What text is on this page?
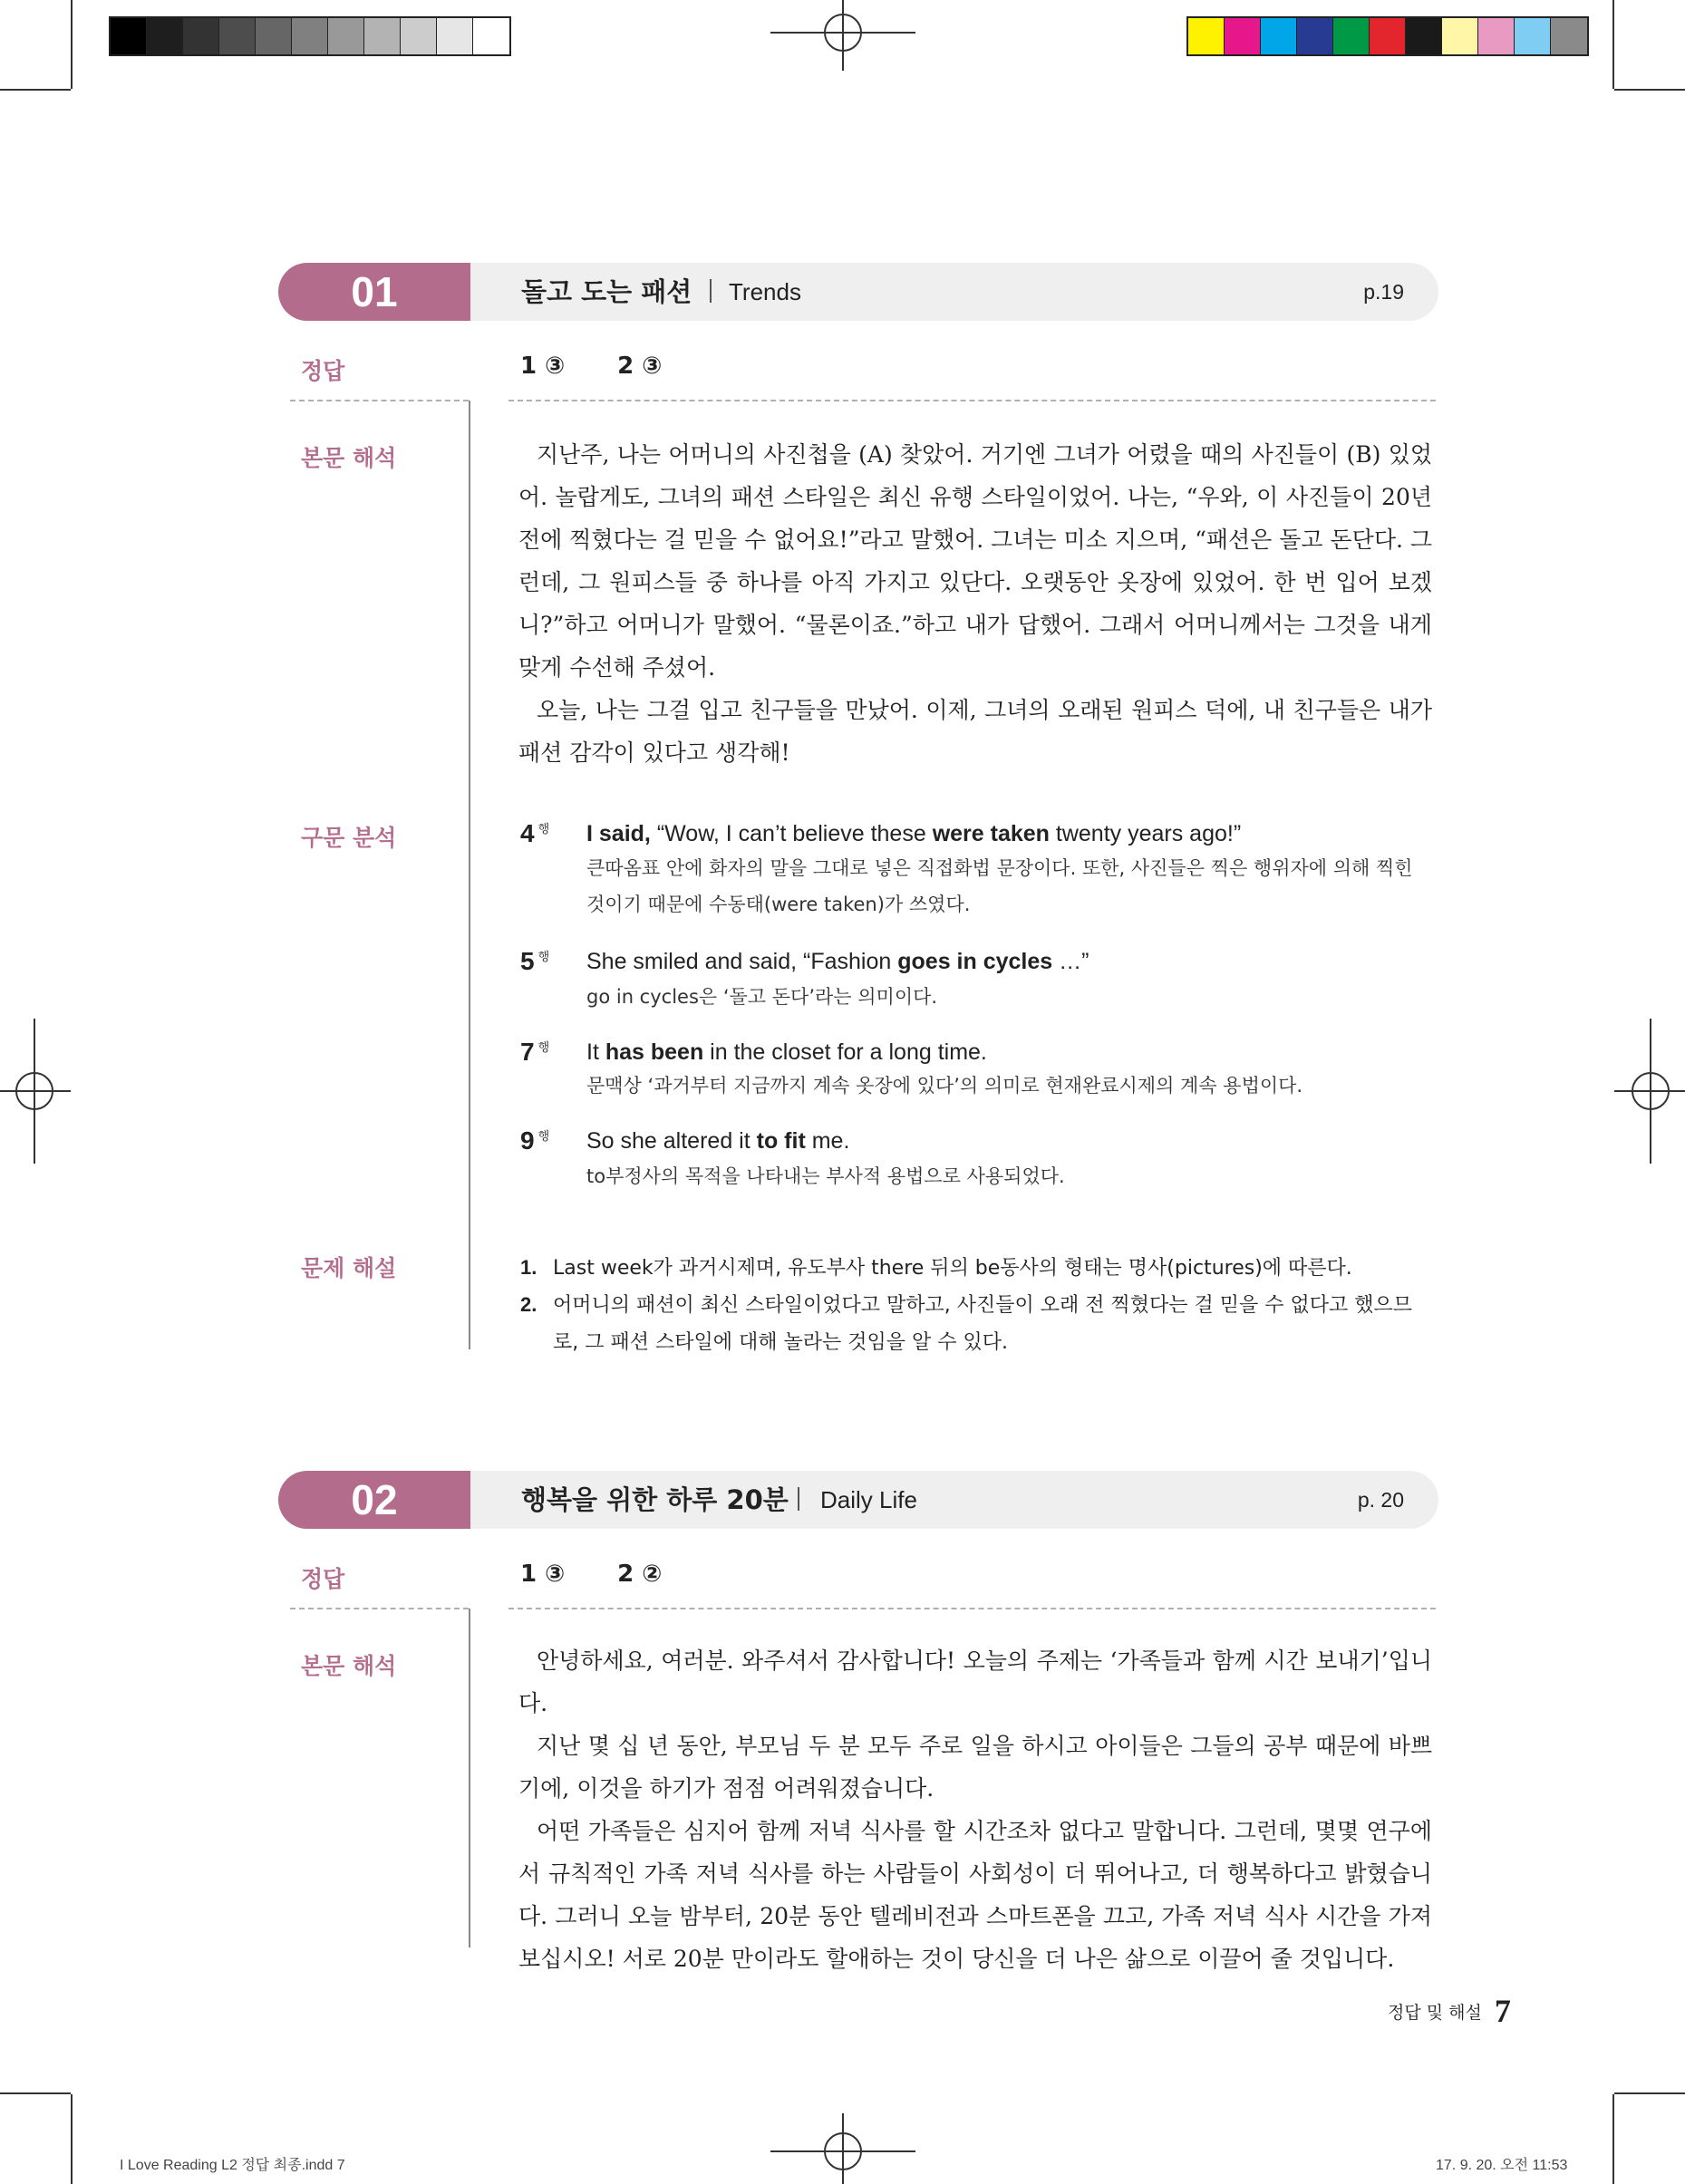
01	돌고 도는 패션 Trends	p.19
정답	1 ③ 2 ③
본문 해석	지난주, 나는 어머니의 사진첩을 (A) 찾았어. 거기엔 그녀가 어렸을 때의 사진들이 (B) 있었어. 놀랍게도, 그녀의 패션 스타일은 최신 유행 스타일이었어. 나는, “우와, 이 사진들이 20년 전에 찍혔다는 걸 믿을 수 없어요!”라고 말했어. 그녀는 미소 지으며, “패션은 돌고 돈단다. 그런데, 그 원피스들 중 하나를 아직 가지고 있단다. 오랫동안 옷장에 있었어. 한 번 입어 보겠니?”하고 어머니가 말했어. “물론이죠.”하고 내가 답했어. 그래서 어머니께서는 그것을 내게 맞게 수선해 주셨어.

오늘, 나는 그걸 입고 친구들을 만났어. 이제, 그녀의 오래된 원피스 덕에, 내 친구들은 내가 패션 감각이 있다고 생각해!

구문 분석	4 $^행$ I said, “Wow, I can’t believe these were taken twenty years ago!”
큰따옴표 안에 화자의 말을 그대로 넣은 직접화법 문장이다. 또한, 사진들은 찍은 행위자에 의해 찍힌 것이기 때문에 수동태(were taken)가 쓰였다.
5 $^행$ She smiled and said, “Fashion goes in cycles …”
go in cycles은 ‘돌고 돈다’라는 의미이다.
7 $^행$ It has been in the closet for a long time.
문맥상 ‘과거부터 지금까지 계속 옷장에 있다’의 의미로 현재완료시제의 계속 용법이다.
9 $^행$ So she altered it to fit me.
to부정사의 목적을 나타내는 부사적 용법으로 사용되었다.
문제 해설	1. Last week가 과거시제며, 유도부사 there 뒤의 be동사의 형태는 명사(pictures)에 따른다.
2. 어머니의 패션이 최신 스타일이었다고 말하고, 사진들이 오래 전 찍혔다는 걸 믿을 수 없다고 했으므로, 그 패션 스타일에 대해 놀라는 것임을 알 수 있다.
02	행복을 위한 하루 20분 Daily Life	p. 20
정답	1 ③ 2 ②
본문 해석	안녕하세요, 여러분. 와주셔서 감사합니다! 오늘의 주제는 ‘가족들과 함께 시간 보내기’입니다.

지난 몇 십 년 동안, 부모님 두 분 모두 주로 일을 하시고 아이들은 그들의 공부 때문에 바쁘기에, 이것을 하기가 점점 어려워졌습니다.

어떤 가족들은 심지어 함께 저녁 식사를 할 시간조차 없다고 말합니다. 그런데, 몇몇 연구에서 규칙적인 가족 저녁 식사를 하는 사람들이 사회성이 더 뛰어나고, 더 행복하다고 밝혔습니다. 그러니 오늘 밤부터, 20분 동안 텔레비전과 스마트폰을 끄고, 가족 저녁 식사 시간을 가져 보십시오! 서로 20분 만이라도 할애하는 것이 당신을 더 나은 삶으로 이끌어 줄 것입니다.

정답 및 해설 7
I Love Reading L2 정답 최종.indd 7	17. 9. 20. 오전 11:53
